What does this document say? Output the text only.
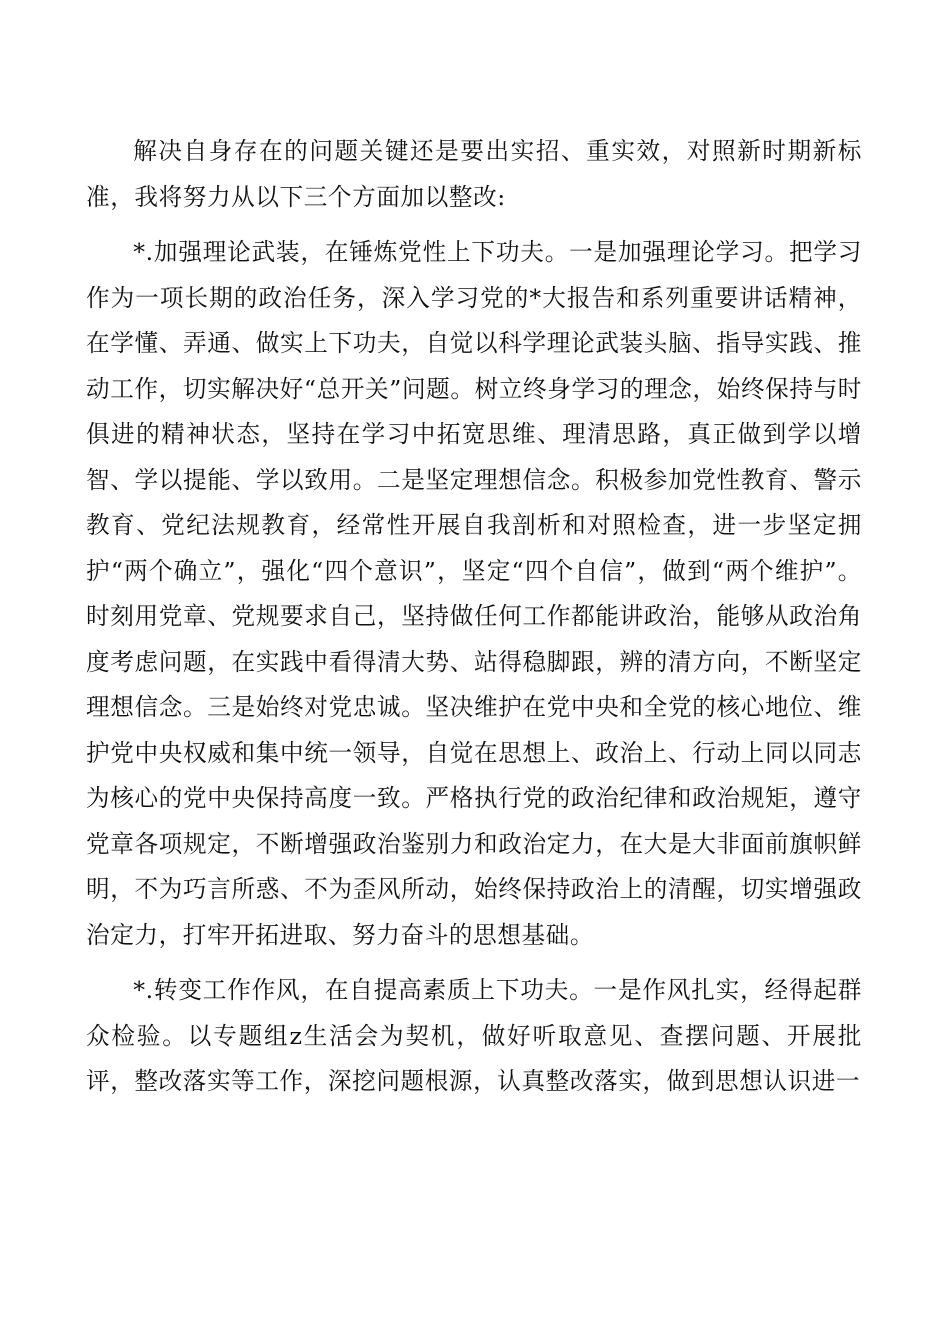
解决自身存在的问题关键还是要出实招、重实效，对照新时期新标准，我将努力从以下三个方面加以整改:

*.加强理论武装，在锤炼党性上下功夫。一是加强理论学习。把学习作为一项长期的政治任务，深入学习党的*大报告和系列重要讲话精神，在学懂、弄通、做实上下功夫，自觉以科学理论武装头脑、指导实践、推动工作，切实解决好“总开关”问题。树立终身学习的理念，始终保持与时俱进的精神状态，坚持在学习中拓宽思维、理清思路，真正做到学以增智、学以提能、学以致用。二是坚定理想信念。积极参加党性教育、警示教育、党纪法规教育，经常性开展自我剖析和对照检查，进一步坚定拥护“两个确立”，强化“四个意识”，坚定“四个自信”，做到“两个维护”。时刻用党章、党规要求自己，坚持做任何工作都能讲政治，能够从政治角度考虑问题，在实践中看得清大势、站得稳脚跟，辨的清方向，不断坚定理想信念。三是始终对党忠诚。坚决维护在党中央和全党的核心地位、维护党中央权威和集中统一领导，自觉在思想上、政治上、行动上同以同志为核心的党中央保持高度一致。严格执行党的政治纪律和政治规矩，遵守党章各项规定，不断增强政治鉴别力和政治定力，在大是大非面前旗帜鲜明，不为巧言所惑、不为歪风所动，始终保持政治上的清醒，切实增强政治定力，打牢开拓进取、努力奋斗的思想基础。

*.转变工作作风，在自提高素质上下功夫。一是作风扎实，经得起群众检验。以专题组z生活会为契机，做好听取意见、查摆问题、开展批评，整改落实等工作，深挖问题根源，认真整改落实，做到思想认识进一
